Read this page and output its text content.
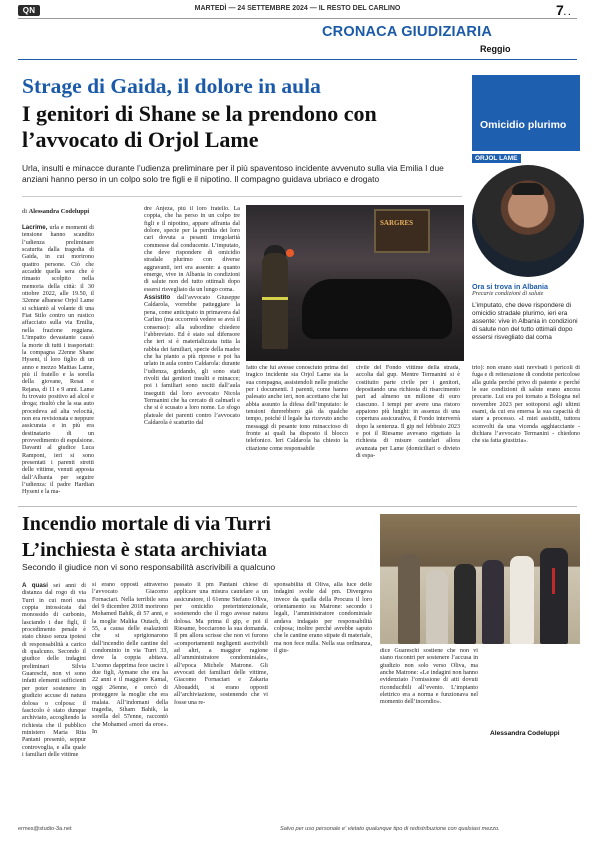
QN	MARTEDÌ — 24 SETTEMBRE 2024 — IL RESTO DEL CARLINO	7. .
CRONACA GIUDIZIARIA
Reggio
Strage di Gaida, il dolore in aula
I genitori di Shane se la prendono con l’avvocato di Orjol Lame
Urla, insulti e minacce durante l’udienza preliminare per il più spaventoso incidente avvenuto sulla via Emilia I due anziani hanno perso in un colpo solo tre figli e il nipotino. Il compagno guidava ubriaco e drogato
di Alessandra Codeluppi

Lacrime, urla e momenti di tensione hanno scandito l’udienza preliminare scaturita dalla tragedia di Gaida, in cui morirono quattro persone. Ciò che accadde quella sera che è rimasto scolpito nella memoria della città: il 30 ottobre 2022, alle 19.50, il 32enne albanese Orjol Lame si schiantò al volante di una Fiat Stilo contro un rustico affacciato sulla via Emilia, nella frazione reggiana. L’impatto devastante causò la morte di tutti i trasportati: la compagna 22enne Shane Hyseni, il loro figlio di un anno e mezzo Mattias Lame, più il fratello e la sorella della giovane, Resat e Rejana, di 11 e 9 anni. Lame fu trovato positivo ad alcol e droga; risultò che la sua auto procedeva ad alta velocità, non era revisionata e neppure assicurata e in più era destinatario di un provvedimento di espulsione. Davanti al giudice Luca Ramponi, ieri si sono presentati i parenti stretti delle vittime, venuti apposta dall’Albania per seguire l’udienza: il padre Hardian Hyseni e la ma-

dre Anjeza, più il loro fratello. La coppia, che ha perso in un colpo tre figli e il nipotino, appare affranta dal dolore, specie per la perdita dei loro cari dovuta a pesanti irregolarità commesse dal conducente. L’imputato, che deve rispondere di omicidio stradale plurimo con diverse aggravanti, ieri era assente: a quanto emerge, vive in Albania in condizioni di salute non del tutto ottimali dopo essersi risvegliato da un lungo coma.

Assistito dall’avvocato Giuseppe Caldarola, vorrebbe patteggiare la pena, come anticipato in primavera dal Carlino (ma occorrerà vedere se avrà il consenso): alla subordine chiedere l’abbreviato. Ed è stato sul difensore che ieri si è materializzata tutta la rabbia dei familiari, specie della madre che ha pianto a più riprese e poi ha urlato in aula contro Caldarola: durante l’udienza, gridando, gli sono stati rivolti dai genitori insulti e minacce; poi i familiari sono usciti dall’aula inseguiti dal loro avvocato Nicola Termanini che ha cercato di calmarli e che si è scusato a loro nome. Lo sfogo plateale dei parenti contro l’avvocato Caldarola è scaturito dal

SARGRES

fatto che lui avesse conosciuto prima del tragico incidente sia Orjol Lame sia la sua compagna, assistendoli nelle pratiche per i documenti. I parenti, come hanno palesato anche ieri, non accettano che lui abbia assunto la difesa dell’imputato: le tensioni durerebbero già da qualche tempo, poiché il legale ha ricevuto anche messaggi di pesante tono minaccioso di fronte ai quali ha disposto il blocco telefonico. Ieri Caldarola ha chiesto la citazione come responsabile

civile del Fondo vittime della strada, accolta dal gup. Mentre Termanini si è costituito parte civile per i genitori, depositando una richiesta di risarcimento pari ad almeno un milione di euro ciascuno. I tempi per avere una ristoro appaiono più lunghi: in assenza di una copertura assicurativa, il Fondo interverrà dopo la sentenza. Il gip nel febbraio 2023 e poi il Riesame avevano rigettato la richiesta di misure cautelari allora avanzata per Lame (domiciliari o divieto di espa-

trio): non erano stati ravvisati i pericoli di fuga e di reiterazione di condotte pericolose alla guida perché privo di patente e perché le sue condizioni di salute erano ancora precarie. Lui era poi tornato a Bologna nel novembre 2023 per sottoporsi agli ultimi esami, da cui era emersa la sua capacità di stare a processo. «I miei assistiti, tuttora sconvolti da una vicenda agghiacciante - dichiara l’avvocato Termanini - chiedono che sia fatta giustizia».

Omicidio plurimo
ORJOL LAME
Ora si trova in Albania
Precarie condizioni di salute
L’imputato, che deve rispondere di omicidio stradale plurimo, ieri era assente: vive in Albania in condizioni di salute non del tutto ottimali dopo essersi risvegliato dal coma
Incendio mortale di via Turri
L’inchiesta è stata archiviata
Secondo il giudice non vi sono responsabilità ascrivibili a qualcuno

A quasi sei anni di distanza dal rogo di via Turri in cui morì una coppia intossicata dal monossido di carbonio, lasciando i due figli, il procedimento penale è stato chiuso senza ipotesi di responsabilità a carico di qualcuno. Secondo il giudice delle indagini preliminari Silvia Guareschi, non vi sono infatti elementi sufficienti per poter sostenere in giudizio accuse di natura dolosa o colposa: il fascicolo è stato dunque archiviato, accogliendo la richiesta che il pubblico ministero Maria Rita Pantani presentò, seppur controvoglia, e alla quale i familiari delle vittime

si erano opposti attraverso l’avvocato Giacomo Fornaciari. Nella terribile sera del 9 dicembre 2018 morirono Mohamed Bahik, di 57 anni, e la moglie Malika Outach, di 55, a causa delle esalazioni che si sprigionarono dall’incendio delle cantine del condominio in via Turri 33, dove la coppia abitava. L’uomo dapprima fece uscire i due figli, Aymane che era ha 22 anni e il maggiore Kamal, oggi 26enne, e cercò di proteggere la moglie che era malata. All’indomani della tragedia, Siham Bahik, la sorella del 57enne, raccontò che Mohamed «morì da eroe». In

passato il pm Pantani chiese di applicare una misura cautelare a un assicuratore, il 61enne Stefano Oliva, per omicidio preterintenzionale, sostenendo che il rogo avesse natura dolosa. Ma prima il gip, e poi il Riesame, bocciarono la sua domanda. Il pm allora scrisse che non vi furono «comportamenti negligenti ascrivibili ad altri, a maggior ragione all’amministratore condominiale», all’epoca Michele Matrone. Gli avvocati dei familiari delle vittime, Giacomo Fornaciari e Zakaria Abouaddi, si erano opposti all’archiviazione, sostenendo che vi fosse una re-

sponsabilità di Oliva, alla luce delle indagini svolte dal pm. Divergeva invece da quella della Procura il loro orientamento su Matrone: secondo i legali, l’amministratore condominiale andava indagato per responsabilità colposa; inoltre perché avrebbe saputo che le cantine erano stipate di materiale, ma non fece nulla. Nella sua ordinanza, il giu-	dice Guareschi sostiene che non vi siano riscontri per sostenere l’accusa in giudizio non solo verso Oliva, ma anche Matrone: «Le indagini non hanno evidenziato l’omissione di atti dovuti riconducibili all’evento. L’impianto elettrico era a norma e funzionava nel momento dell’incendio».

Alessandra Codeluppi
ermes@studio-3a.net	Salvo per uso personale e' vietato qualunque tipo di redistribuzione con qualsiasi mezzo.
